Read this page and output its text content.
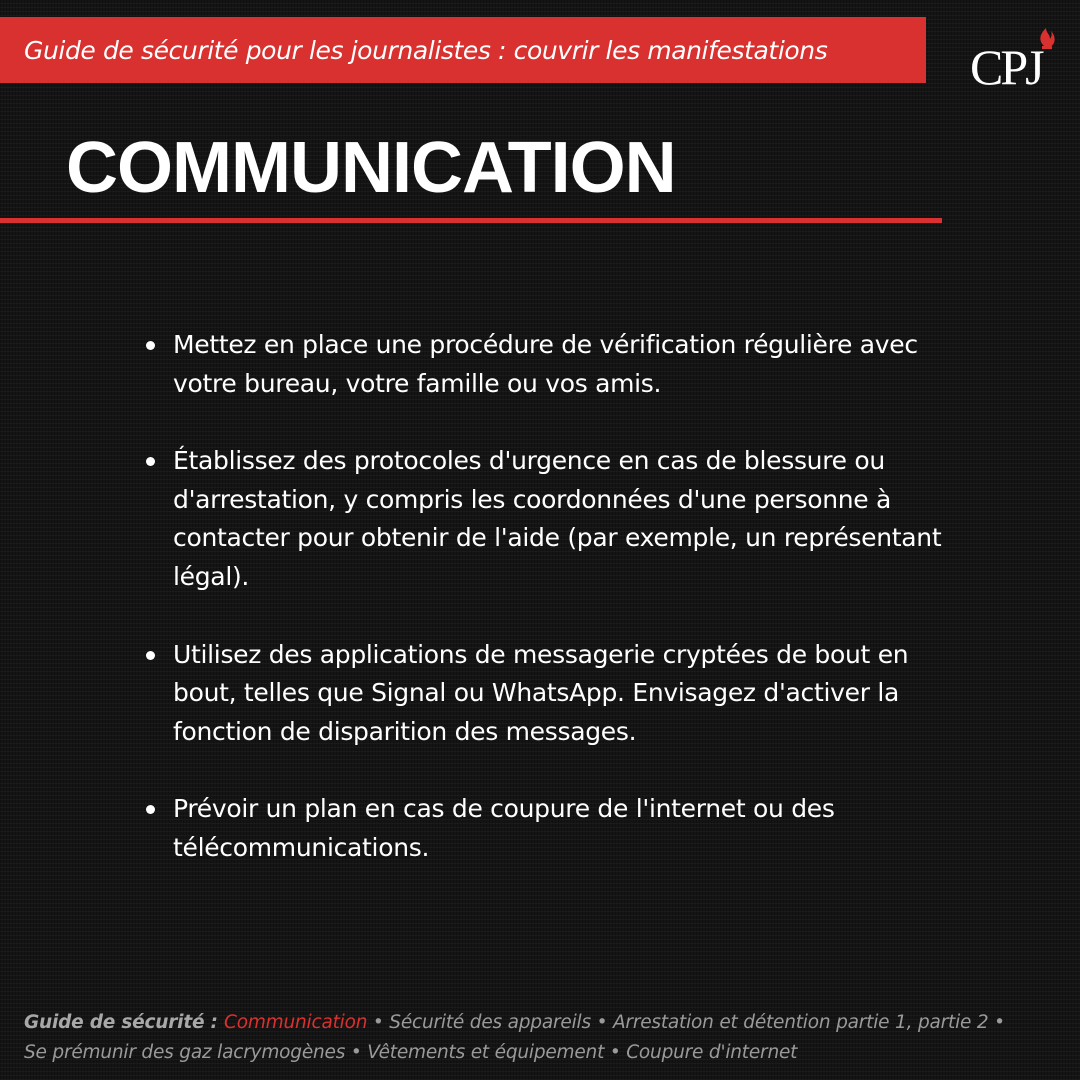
Guide de sécurité pour les journalistes : couvrir les manifestations	CPJ
COMMUNICATION
Mettez en place une procédure de vérification régulière avec votre bureau, votre famille ou vos amis.
Établissez des protocoles d'urgence en cas de blessure ou d'arrestation, y compris les coordonnées d'une personne à contacter pour obtenir de l'aide (par exemple, un représentant légal).
Utilisez des applications de messagerie cryptées de bout en bout, telles que Signal ou WhatsApp. Envisagez d'activer la fonction de disparition des messages.
Prévoir un plan en cas de coupure de l'internet ou des télécommunications.
Guide de sécurité : Communication • Sécurité des appareils • Arrestation et détention partie 1, partie 2 •
Se prémunir des gaz lacrymogènes • Vêtements et équipement • Coupure d'internet
